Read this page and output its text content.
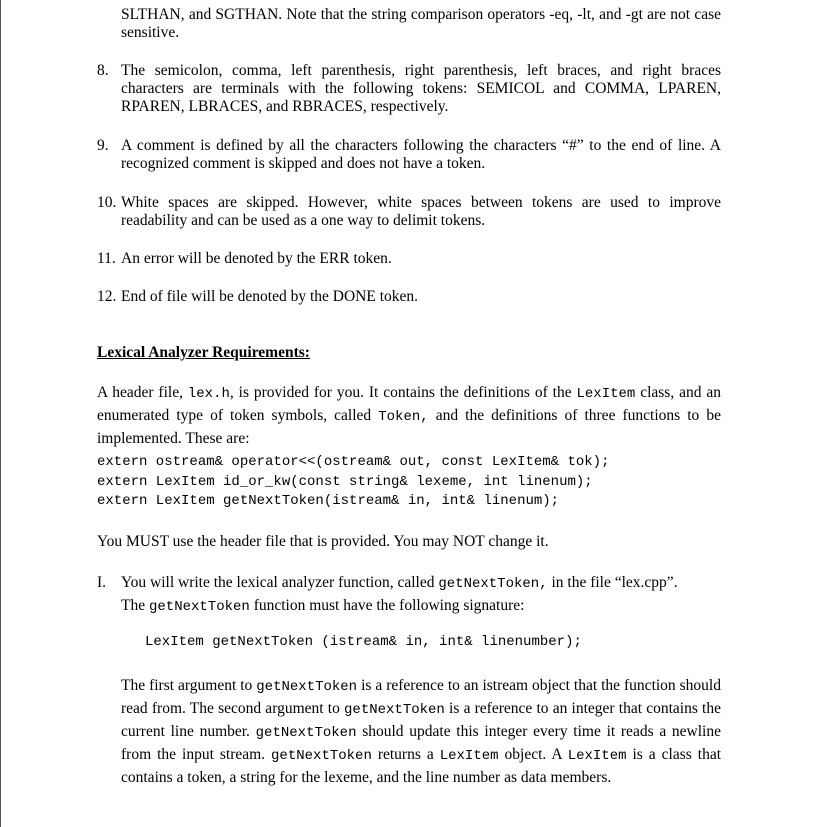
SLTHAN, and SGTHAN. Note that the string comparison operators -eq, -lt, and -gt are not case sensitive.
8. The semicolon, comma, left parenthesis, right parenthesis, left braces, and right braces characters are terminals with the following tokens: SEMICOL and COMMA, LPAREN, RPAREN, LBRACES, and RBRACES, respectively.
9. A comment is defined by all the characters following the characters “#” to the end of line. A recognized comment is skipped and does not have a token.
10. White spaces are skipped. However, white spaces between tokens are used to improve readability and can be used as a one way to delimit tokens.
11. An error will be denoted by the ERR token.
12. End of file will be denoted by the DONE token.
Lexical Analyzer Requirements:
A header file, lex.h, is provided for you. It contains the definitions of the LexItem class, and an enumerated type of token symbols, called Token, and the definitions of three functions to be implemented. These are:
extern ostream& operator<<(ostream& out, const LexItem& tok);
extern LexItem id_or_kw(const string& lexeme, int linenum);
extern LexItem getNextToken(istream& in, int& linenum);
You MUST use the header file that is provided. You may NOT change it.
I. You will write the lexical analyzer function, called getNextToken, in the file “lex.cpp”.
The getNextToken function must have the following signature:
LexItem getNextToken (istream& in, int& linenumber);
The first argument to getNextToken is a reference to an istream object that the function should read from. The second argument to getNextToken is a reference to an integer that contains the current line number. getNextToken should update this integer every time it reads a newline from the input stream. getNextToken returns a LexItem object. A LexItem is a class that contains a token, a string for the lexeme, and the line number as data members.
